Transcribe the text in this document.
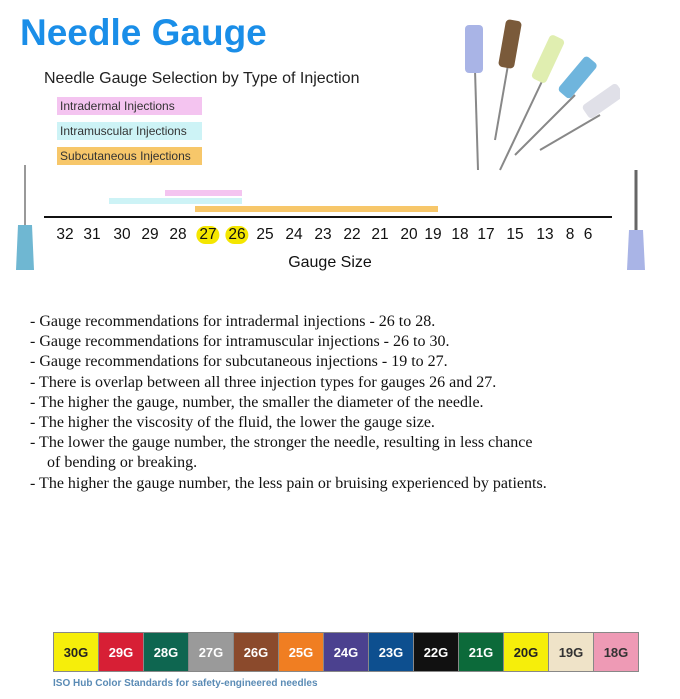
Needle Gauge
Needle Gauge Selection by Type of Injection
Intradermal Injections
Intramuscular Injections
Subcutaneous Injections
Gauge Size
- Gauge recommendations for intradermal injections - 26 to 28.
- Gauge recommendations for intramuscular injections - 26 to 30.
- Gauge recommendations for subcutaneous injections - 19 to 27.
- There is overlap between all three injection types for gauges 26 and 27.
- The higher the gauge, number, the smaller the diameter of the needle.
- The higher the viscosity of the fluid, the lower the gauge size.
- The lower the gauge number, the stronger the needle, resulting in less chance
of bending or breaking.
- The higher the gauge number, the less pain or bruising experienced by patients.
30G	29G	28G	27G	26G	25G	24G	23G	22G	21G	20G	19G	18G
ISO Hub Color Standards for safety-engineered needles
32 31 30 29 28 27 26 25 24 23 22 21 20 19 18 17 15 13 8 6
